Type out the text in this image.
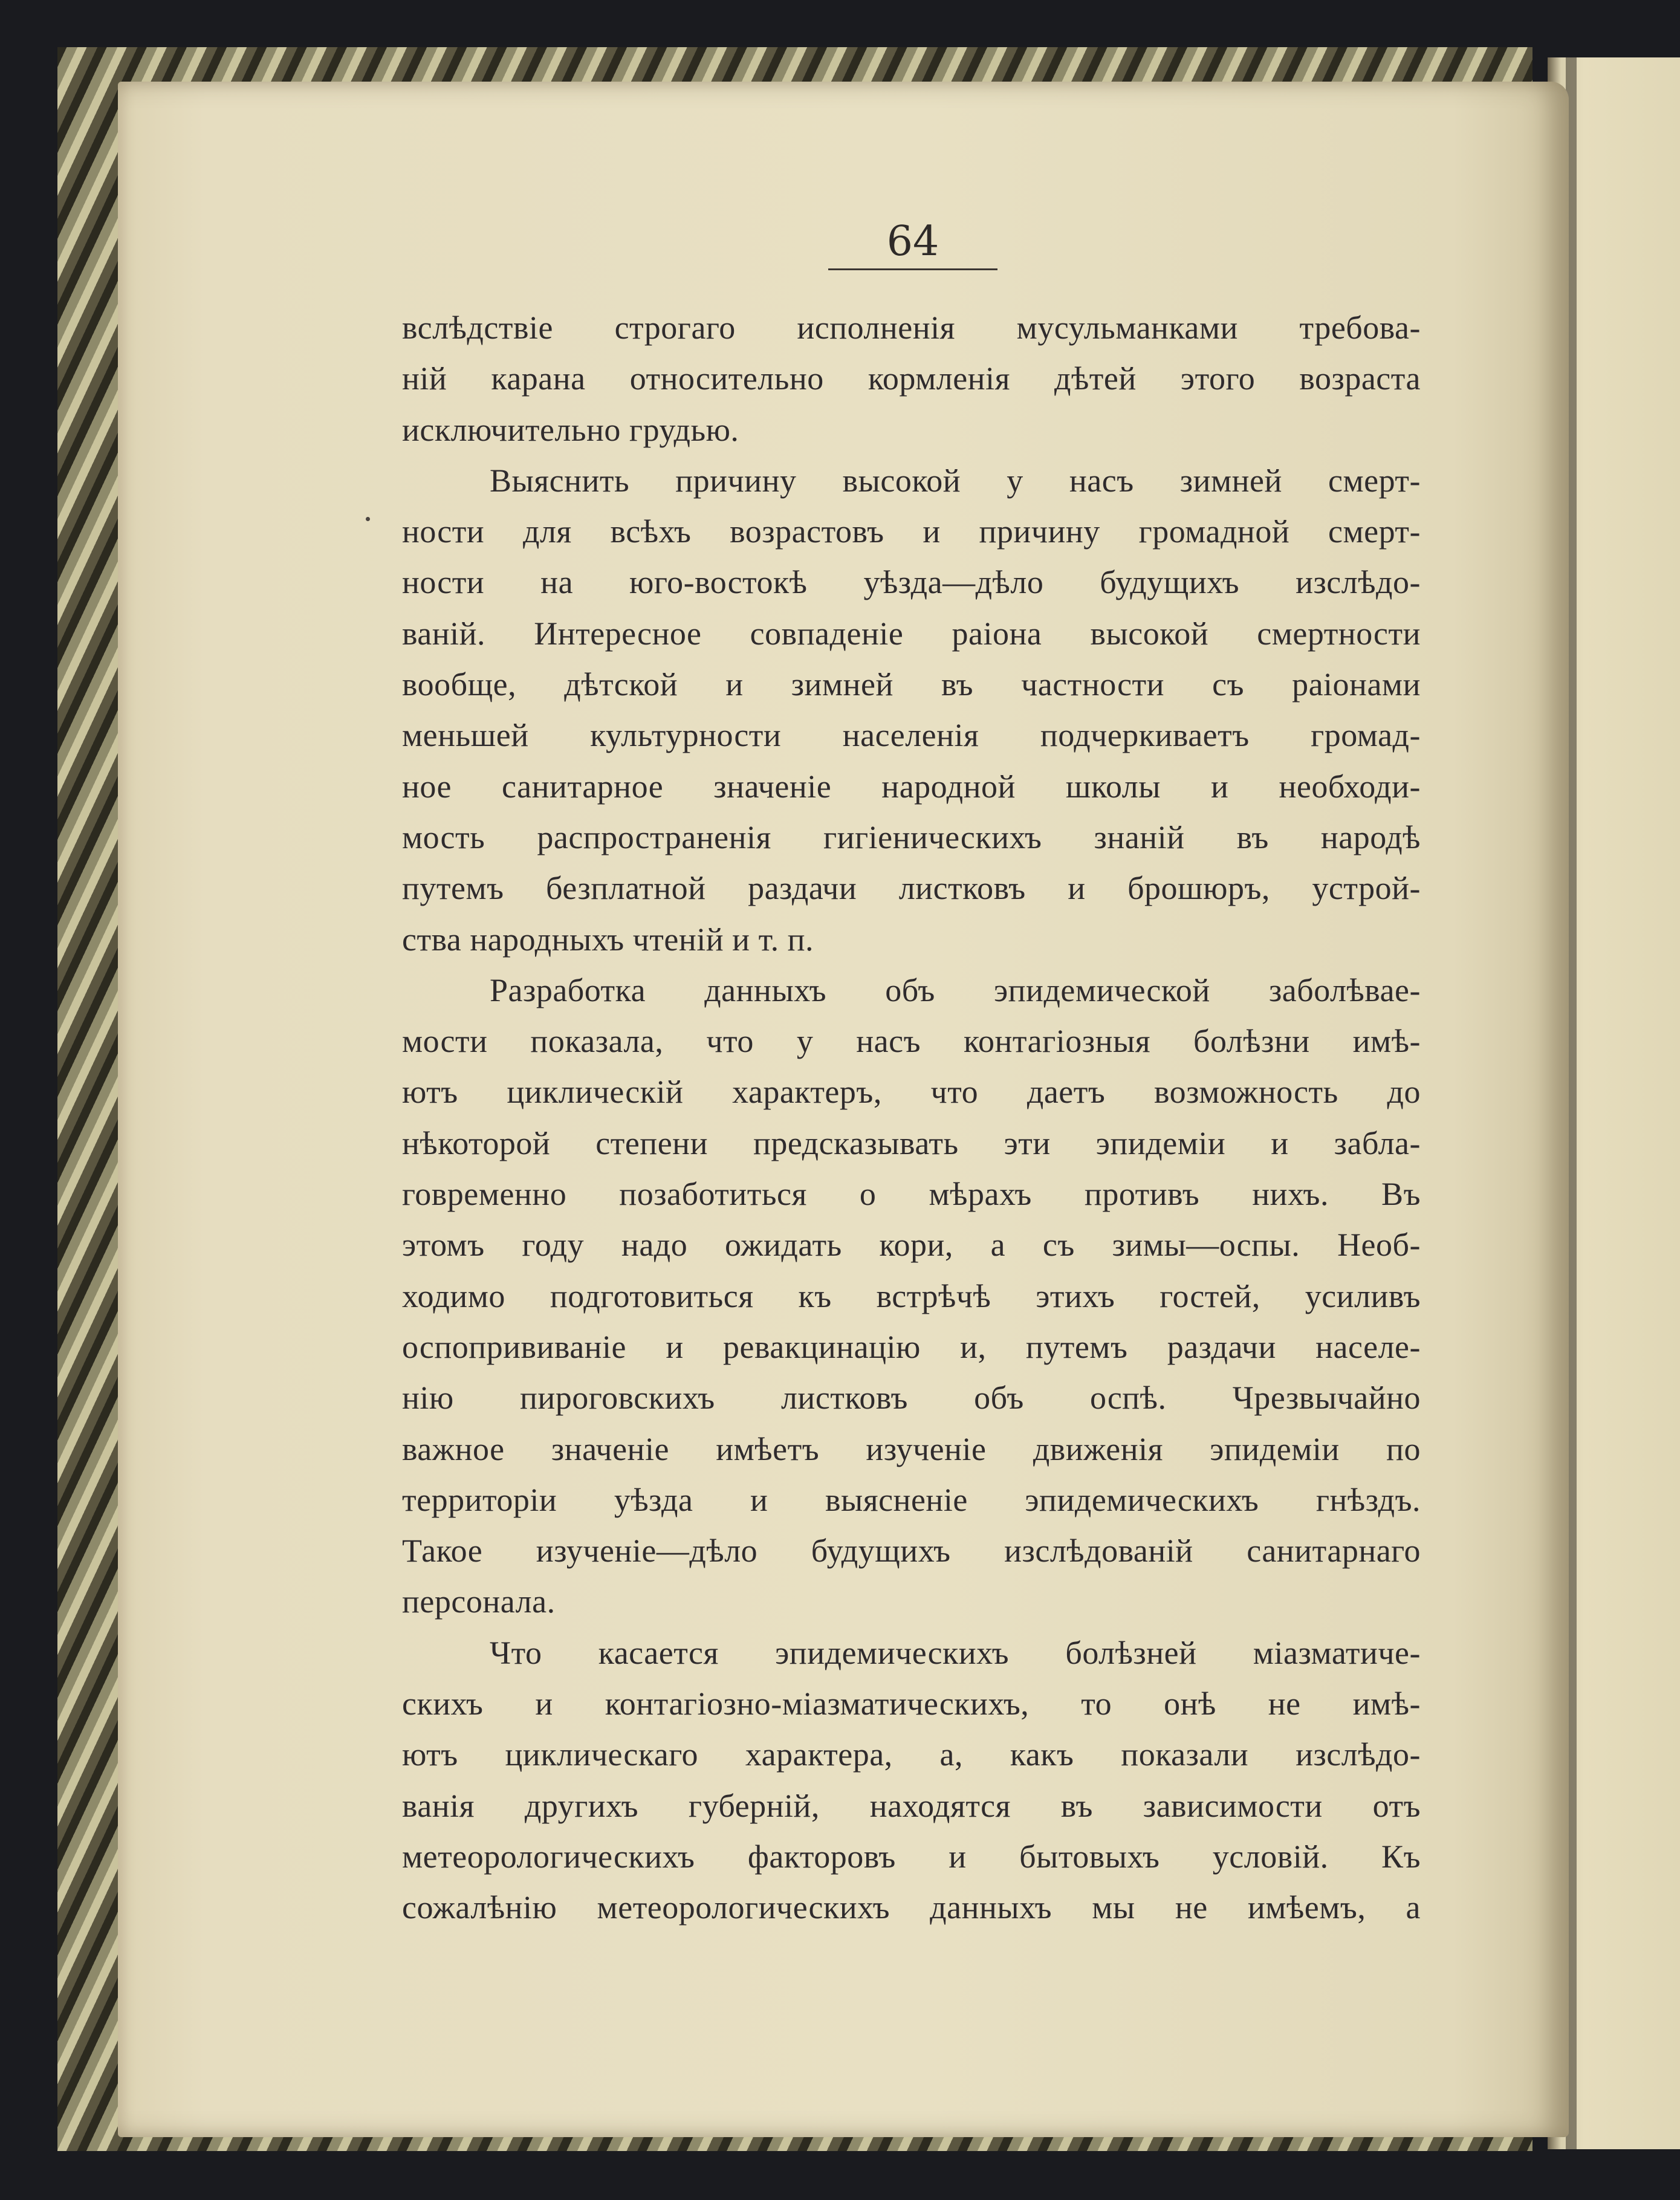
64
вслѣдствіе строгаго исполненія мусульманками требова-
ній карана относительно кормленія дѣтей этого возраста
исключительно грудью.
Выяснить причину высокой у насъ зимней смерт-
ности для всѣхъ возрастовъ и причину громадной смерт-
ности на юго-востокѣ уѣзда—дѣло будущихъ изслѣдо-
ваній. Интересное совпаденіе раіона высокой смертности
вообще, дѣтской и зимней въ частности съ раіонами
меньшей культурности населенія подчеркиваетъ громад-
ное санитарное значеніе народной школы и необходи-
мость распространенія гигіеническихъ знаній въ народѣ
путемъ безплатной раздачи листковъ и брошюръ, устрой-
ства народныхъ чтеній и т. п.
Разработка данныхъ объ эпидемической заболѣвае-
мости показала, что у насъ контагіозныя болѣзни имѣ-
ютъ циклическій характеръ, что даетъ возможность до
нѣкоторой степени предсказывать эти эпидеміи и забла-
говременно позаботиться о мѣрахъ противъ нихъ. Въ
этомъ году надо ожидать кори, а съ зимы—оспы. Необ-
ходимо подготовиться къ встрѣчѣ этихъ гостей, усиливъ
оспопрививаніе и ревакцинацію и, путемъ раздачи населе-
нію пироговскихъ листковъ объ оспѣ. Чрезвычайно
важное значеніе имѣетъ изученіе движенія эпидеміи по
территоріи уѣзда и выясненіе эпидемическихъ гнѣздъ.
Такое изученіе—дѣло будущихъ изслѣдованій санитарнаго
персонала.
Что касается эпидемическихъ болѣзней міазматиче-
скихъ и контагіозно-міазматическихъ, то онѣ не имѣ-
ютъ циклическаго характера, а, какъ показали изслѣдо-
ванія другихъ губерній, находятся въ зависимости отъ
метеорологическихъ факторовъ и бытовыхъ условій. Къ
сожалѣнію метеорологическихъ данныхъ мы не имѣемъ, а
